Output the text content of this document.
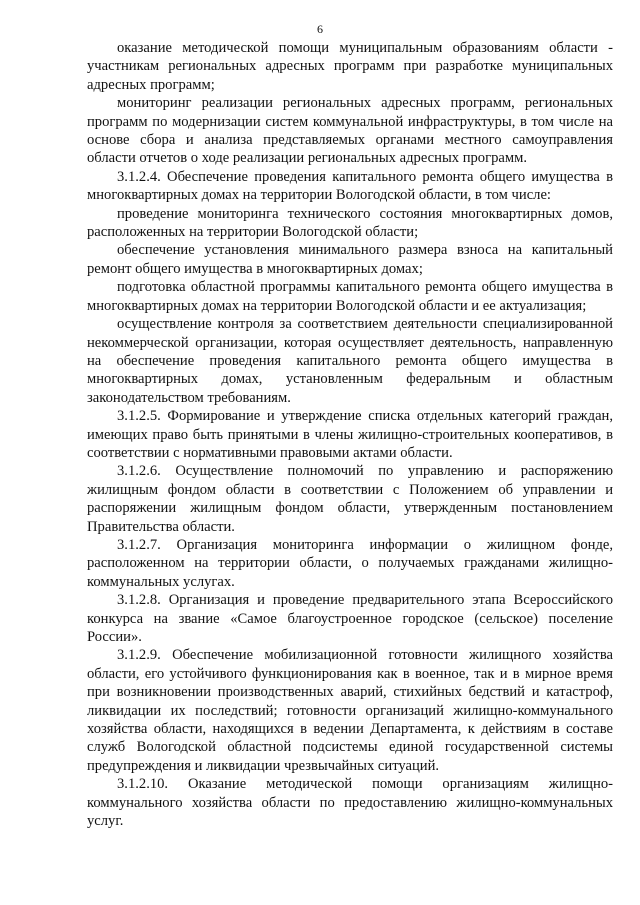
6

оказание методической помощи муниципальным образованиям области - участникам региональных адресных программ при разработке муниципальных адресных программ;

мониторинг реализации региональных адресных программ, региональных программ по модернизации систем коммунальной инфраструктуры, в том числе на основе сбора и анализа представляемых органами местного самоуправления области отчетов о ходе реализации региональных адресных программ.

3.1.2.4. Обеспечение проведения капитального ремонта общего имущества в многоквартирных домах на территории Вологодской области, в том числе:

проведение мониторинга технического состояния многоквартирных домов, расположенных на территории Вологодской области;

обеспечение установления минимального размера взноса на капитальный ремонт общего имущества в многоквартирных домах;

подготовка областной программы капитального ремонта общего имущества в многоквартирных домах на территории Вологодской области и ее актуализация;

осуществление контроля за соответствием деятельности специализированной некоммерческой организации, которая осуществляет деятельность, направленную на обеспечение проведения капитального ремонта общего имущества в многоквартирных домах, установленным федеральным и областным законодательством требованиям.

3.1.2.5. Формирование и утверждение списка отдельных категорий граждан, имеющих право быть принятыми в члены жилищно-строительных кооперативов, в соответствии с нормативными правовыми актами области.

3.1.2.6. Осуществление полномочий по управлению и распоряжению жилищным фондом области в соответствии с Положением об управлении и распоряжении жилищным фондом области, утвержденным постановлением Правительства области.

3.1.2.7. Организация мониторинга информации о жилищном фонде, расположенном на территории области, о получаемых гражданами жилищно-коммунальных услугах.

3.1.2.8. Организация и проведение предварительного этапа Всероссийского конкурса на звание «Самое благоустроенное городское (сельское) поселение России».

3.1.2.9. Обеспечение мобилизационной готовности жилищного хозяйства области, его устойчивого функционирования как в военное, так и в мирное время при возникновении производственных аварий, стихийных бедствий и катастроф, ликвидации их последствий; готовности организаций жилищно-коммунального хозяйства области, находящихся в ведении Департамента, к действиям в составе служб Вологодской областной подсистемы единой государственной системы предупреждения и ликвидации чрезвычайных ситуаций.

3.1.2.10. Оказание методической помощи организациям жилищно-коммунального хозяйства области по предоставлению жилищно-коммунальных услуг.
